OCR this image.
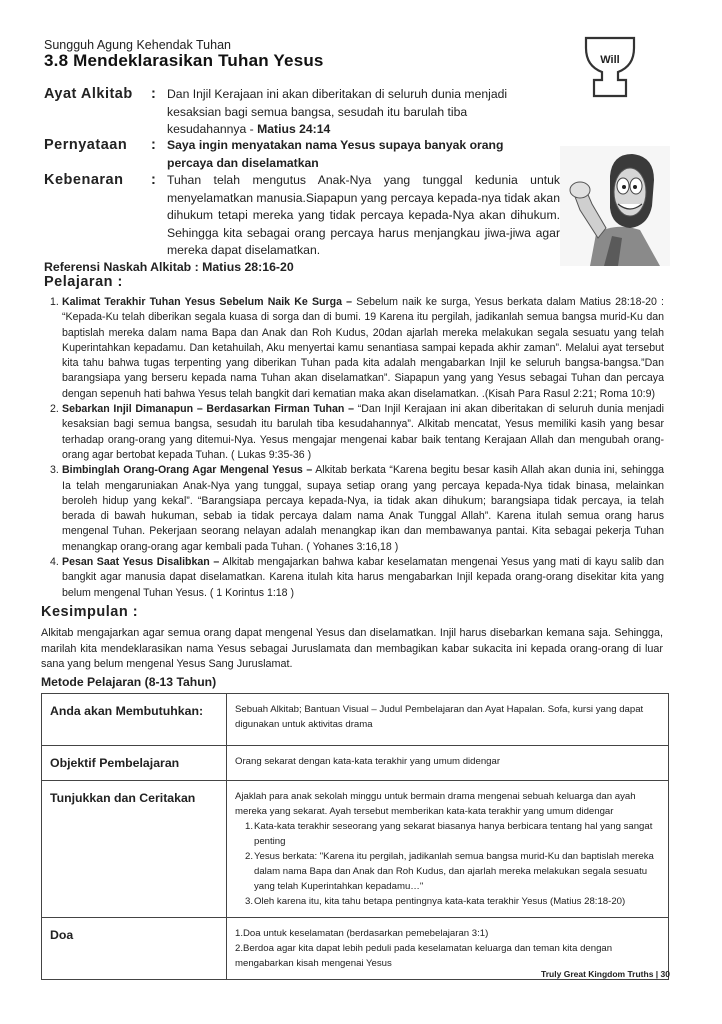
Sungguh Agung Kehendak Tuhan
3.8 Mendeklarasikan Tuhan Yesus	Will
Ayat Alkitab	: Dan Injil Kerajaan ini akan diberitakan di seluruh dunia menjadi kesaksian bagi semua bangsa, sesudah itu barulah tiba kesudahannya - Matius 24:14
Pernyataan	: Saya ingin menyatakan nama Yesus supaya banyak orang percaya dan diselamatkan
Kebenaran	: Tuhan telah mengutus Anak-Nya yang tunggal kedunia untuk menyelamatkan manusia.Siapapun yang percaya kepada-nya tidak akan dihukum tetapi mereka yang tidak percaya kepada-Nya akan dihukum. Sehingga kita sebagai orang percaya harus menjangkau jiwa-jiwa agar mereka dapat diselamatkan.
Referensi Naskah Alkitab : Matius 28:16-20
Pelajaran :
1. Kalimat Terakhir Tuhan Yesus Sebelum Naik Ke Surga – Sebelum naik ke surga, Yesus berkata dalam Matius 28:18-20 : “Kepada-Ku telah diberikan segala kuasa di sorga dan di bumi. 19 Karena itu pergilah, jadikanlah semua bangsa murid-Ku dan baptislah mereka dalam nama Bapa dan Anak dan Roh Kudus, 20dan ajarlah mereka melakukan segala sesuatu yang telah Kuperintahkan kepadamu. Dan ketahuilah, Aku menyertai kamu senantiasa sampai kepada akhir zaman”. Melalui ayat tersebut kita tahu bahwa tugas terpenting yang diberikan Tuhan pada kita adalah mengabarkan Injil ke seluruh bangsa-bangsa.”Dan barangsiapa yang berseru kepada nama Tuhan akan diselamatkan”. Siapapun yang yang Yesus sebagai Tuhan dan percaya dengan sepenuh hati bahwa Yesus telah bangkit dari kematian maka akan diselamatkan. .(Kisah Para Rasul 2:21; Roma 10:9)
2. Sebarkan Injil Dimanapun – Berdasarkan Firman Tuhan – “Dan Injil Kerajaan ini akan diberitakan di seluruh dunia menjadi kesaksian bagi semua bangsa, sesudah itu barulah tiba kesudahannya”. Alkitab mencatat, Yesus memiliki kasih yang besar terhadap orang-orang yang ditemui-Nya. Yesus mengajar mengenai kabar baik tentang Kerajaan Allah dan mengubah orang-orang agar bertobat kepada Tuhan. ( Lukas 9:35-36 )
3. Bimbinglah Orang-Orang Agar Mengenal Yesus – Alkitab berkata “Karena begitu besar kasih Allah akan dunia ini, sehingga Ia telah mengaruniakan Anak-Nya yang tunggal, supaya setiap orang yang percaya kepada-Nya tidak binasa, melainkan beroleh hidup yang kekal”. “Barangsiapa percaya kepada-Nya, ia tidak akan dihukum; barangsiapa tidak percaya, ia telah berada di bawah hukuman, sebab ia tidak percaya dalam nama Anak Tunggal Allah”. Karena itulah semua orang harus mengenal Tuhan. Pekerjaan seorang nelayan adalah menangkap ikan dan membawanya pantai. Kita sebagai pekerja Tuhan menangkap orang-orang agar kembali pada Tuhan. ( Yohanes 3:16,18 )
4. Pesan Saat Yesus Disalibkan – Alkitab mengajarkan bahwa kabar keselamatan mengenai Yesus yang mati di kayu salib dan bangkit agar manusia dapat diselamatkan. Karena itulah kita harus mengabarkan Injil kepada orang-orang disekitar kita yang belum mengenal Tuhan Yesus. ( 1 Korintus 1:18 )
Kesimpulan :
Alkitab mengajarkan agar semua orang dapat mengenal Yesus dan diselamatkan. Injil harus disebarkan kemana saja. Sehingga, marilah kita mendeklarasikan nama Yesus sebagai Juruslamata dan membagikan kabar sukacita ini kepada orang-orang di luar sana yang belum mengenal Yesus Sang Juruslamat.
Metode Pelajaran (8-13 Tahun)
Anda akan Membutuhkan:	Sebuah Alkitab; Bantuan Visual – Judul Pembelajaran dan Ayat Hapalan. Sofa, kursi yang dapat digunakan untuk aktivitas drama
Objektif Pembelajaran	Orang sekarat dengan kata-kata terakhir yang umum didengar
Tunjukkan dan Ceritakan	Ajaklah para anak sekolah minggu untuk bermain drama mengenai sebuah keluarga dan ayah mereka yang sekarat. Ayah tersebut memberikan kata-kata terakhir yang umum didengar
1. Kata-kata terakhir seseorang yang sekarat biasanya hanya berbicara tentang hal yang sangat penting
2. Yesus berkata: "Karena itu pergilah, jadikanlah semua bangsa murid-Ku dan baptislah mereka dalam nama Bapa dan Anak dan Roh Kudus, dan ajarlah mereka melakukan segala sesuatu yang telah Kuperintahkan kepadamu…"
3. Oleh karena itu, kita tahu betapa pentingnya kata-kata terakhir Yesus (Matius 28:18-20)

Doa	1.Doa untuk keselamatan (berdasarkan pemebelajaran 3:1)
2.Berdoa agar kita dapat lebih peduli pada keselamatan keluarga dan teman kita dengan mengabarkan kisah mengenai Yesus
Truly Great Kingdom Truths | 30
